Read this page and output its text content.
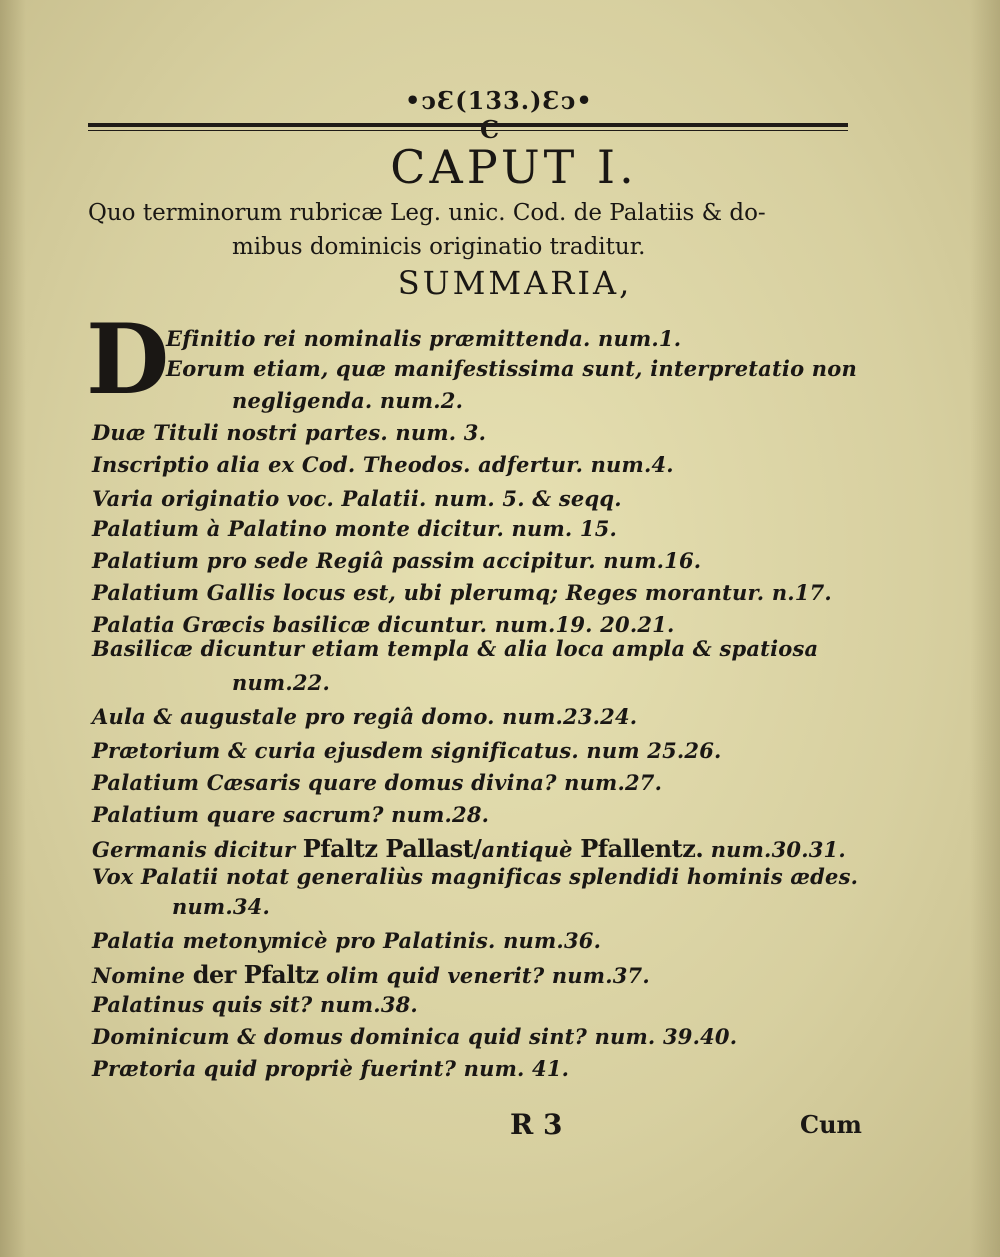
•ↄƐ(133.)Ɛↄ•
CAPUT I.
Quo terminorum rubricæ Leg. unic. Cod. de Palatiis & do-
mibus dominicis originatio traditur.
SUMMARIA,
D
Efinitio rei nominalis præmittenda. num.1.
Eorum etiam, quæ manifestissima sunt, interpretatio non
negligenda. num.2.
Duæ Tituli nostri partes. num. 3.
Inscriptio alia ex Cod. Theodos. adfertur. num.4.
Varia originatio voc. Palatii. num. 5. & seqq.
Palatium à Palatino monte dicitur. num. 15.
Palatium pro sede Regiâ passim accipitur. num.16.
Palatium Gallis locus est, ubi plerumq; Reges morantur. n.17.
Palatia Græcis basilicæ dicuntur. num.19. 20.21.
Basilicæ dicuntur etiam templa & alia loca ampla & spatiosa
num.22.
Aula & augustale pro regiâ domo. num.23.24.
Prætorium & curia ejusdem significatus. num 25.26.
Palatium Cæsaris quare domus divina? num.27.
Palatium quare sacrum? num.28.
Germanis dicitur Pfaltz Pallast/antiquè Pfallentz. num.30.31.
Vox Palatii notat generaliùs magnificas splendidi hominis ædes.
num.34.
Palatia metonymicè pro Palatinis. num.36.
Nomine der Pfaltz olim quid venerit? num.37.
Palatinus quis sit? num.38.
Dominicum & domus dominica quid sint? num. 39.40.
Prætoria quid propriè fuerint? num. 41.
R 3	Cum
